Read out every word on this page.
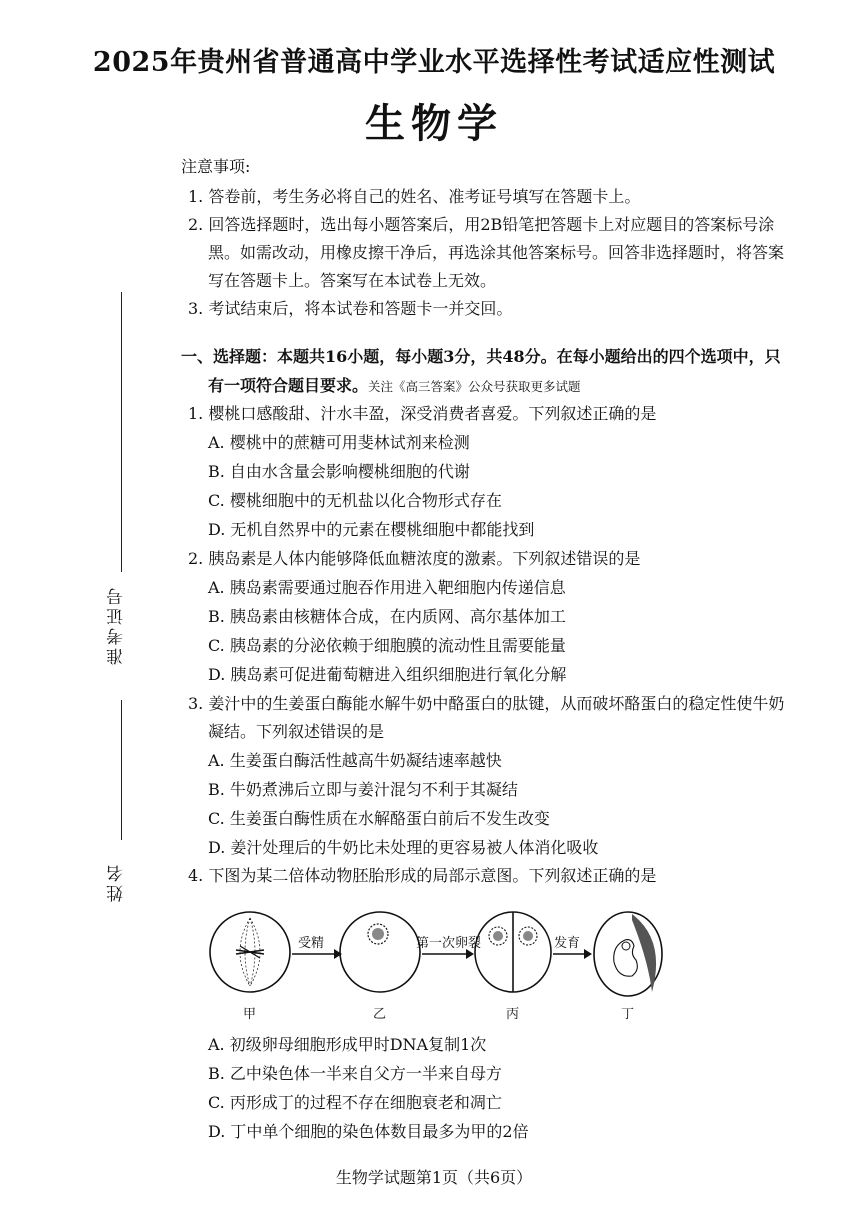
2025年贵州省普通高中学业水平选择性考试适应性测试
生物学
准考证号
姓名
注意事项:
1. 答卷前，考生务必将自己的姓名、准考证号填写在答题卡上。
2. 回答选择题时，选出每小题答案后，用2B铅笔把答题卡上对应题目的答案标号涂
黑。如需改动，用橡皮擦干净后，再选涂其他答案标号。回答非选择题时，将答案
写在答题卡上。答案写在本试卷上无效。
3. 考试结束后，将本试卷和答题卡一并交回。
一、选择题：本题共16小题，每小题3分，共48分。在每小题给出的四个选项中，只
有一项符合题目要求。关注《高三答案》公众号获取更多试题
1. 樱桃口感酸甜、汁水丰盈，深受消费者喜爱。下列叙述正确的是
A. 樱桃中的蔗糖可用斐林试剂来检测
B. 自由水含量会影响樱桃细胞的代谢
C. 樱桃细胞中的无机盐以化合物形式存在
D. 无机自然界中的元素在樱桃细胞中都能找到
2. 胰岛素是人体内能够降低血糖浓度的激素。下列叙述错误的是
A. 胰岛素需要通过胞吞作用进入靶细胞内传递信息
B. 胰岛素由核糖体合成，在内质网、高尔基体加工
C. 胰岛素的分泌依赖于细胞膜的流动性且需要能量
D. 胰岛素可促进葡萄糖进入组织细胞进行氧化分解
3. 姜汁中的生姜蛋白酶能水解牛奶中酪蛋白的肽键，从而破坏酪蛋白的稳定性使牛奶
凝结。下列叙述错误的是
A. 生姜蛋白酶活性越高牛奶凝结速率越快
B. 牛奶煮沸后立即与姜汁混匀不利于其凝结
C. 生姜蛋白酶性质在水解酪蛋白前后不发生改变
D. 姜汁处理后的牛奶比未处理的更容易被人体消化吸收
4. 下图为某二倍体动物胚胎形成的局部示意图。下列叙述正确的是
受精	第一次卵裂	发育
甲	乙	丙	丁
A. 初级卵母细胞形成甲时DNA复制1次
B. 乙中染色体一半来自父方一半来自母方
C. 丙形成丁的过程不存在细胞衰老和凋亡
D. 丁中单个细胞的染色体数目最多为甲的2倍
生物学试题第1页（共6页）
